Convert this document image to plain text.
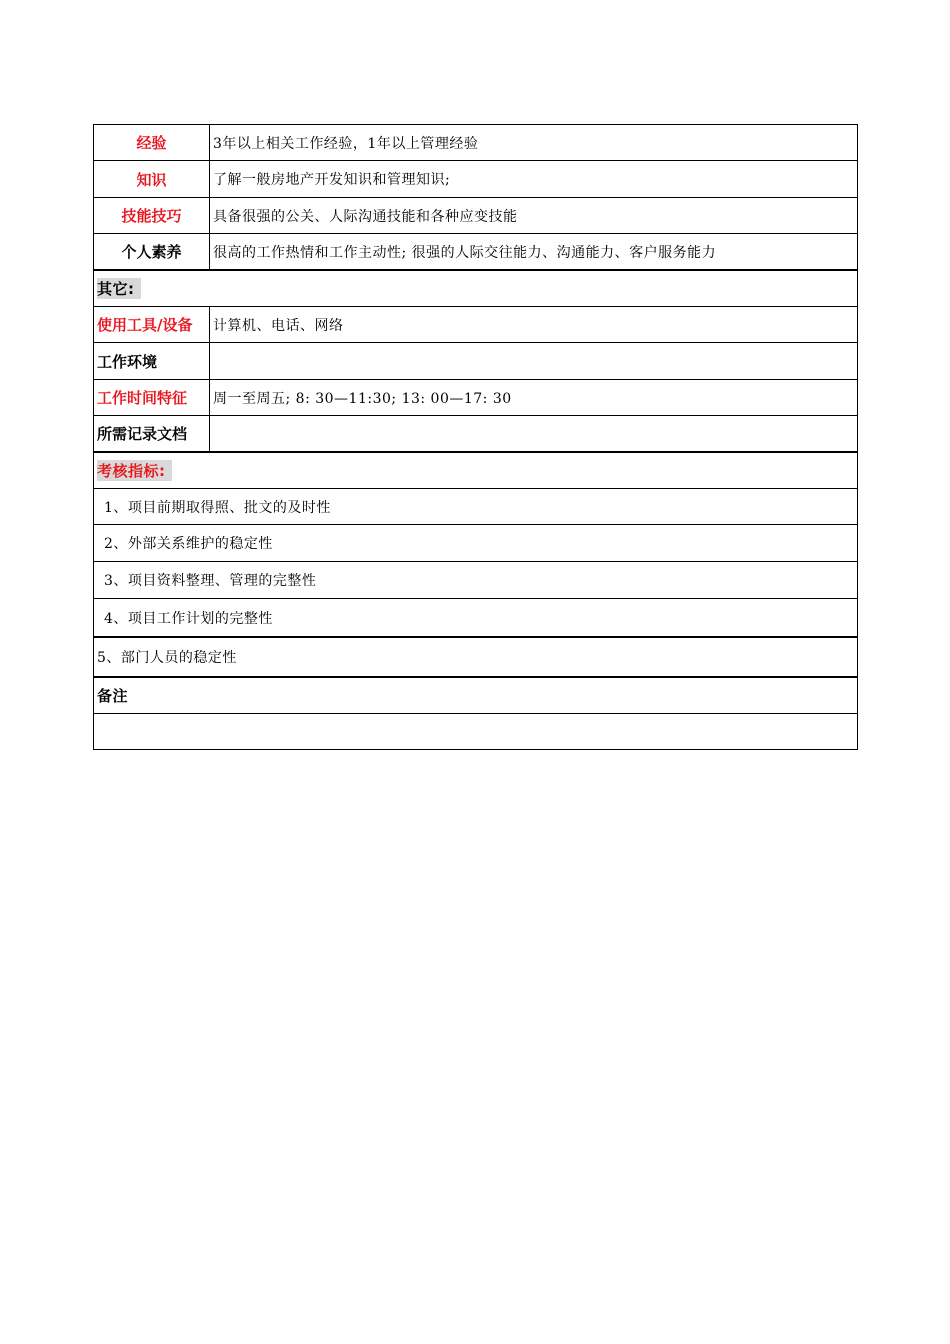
经验	3年以上相关工作经验，1年以上管理经验
知识	了解一般房地产开发知识和管理知识;
技能技巧	具备很强的公关、人际沟通技能和各种应变技能
个人素养	很高的工作热情和工作主动性; 很强的人际交往能力、沟通能力、客户服务能力
其它:
使用工具/设备	计算机、电话、网络
工作环境
工作时间特征	周一至周五; 8: 30—11:30; 13: 00—17: 30
所需记录文档
考核指标:
1、项目前期取得照、批文的及时性
2、外部关系维护的稳定性
3、项目资料整理、管理的完整性
4、项目工作计划的完整性
5、部门人员的稳定性
备注
